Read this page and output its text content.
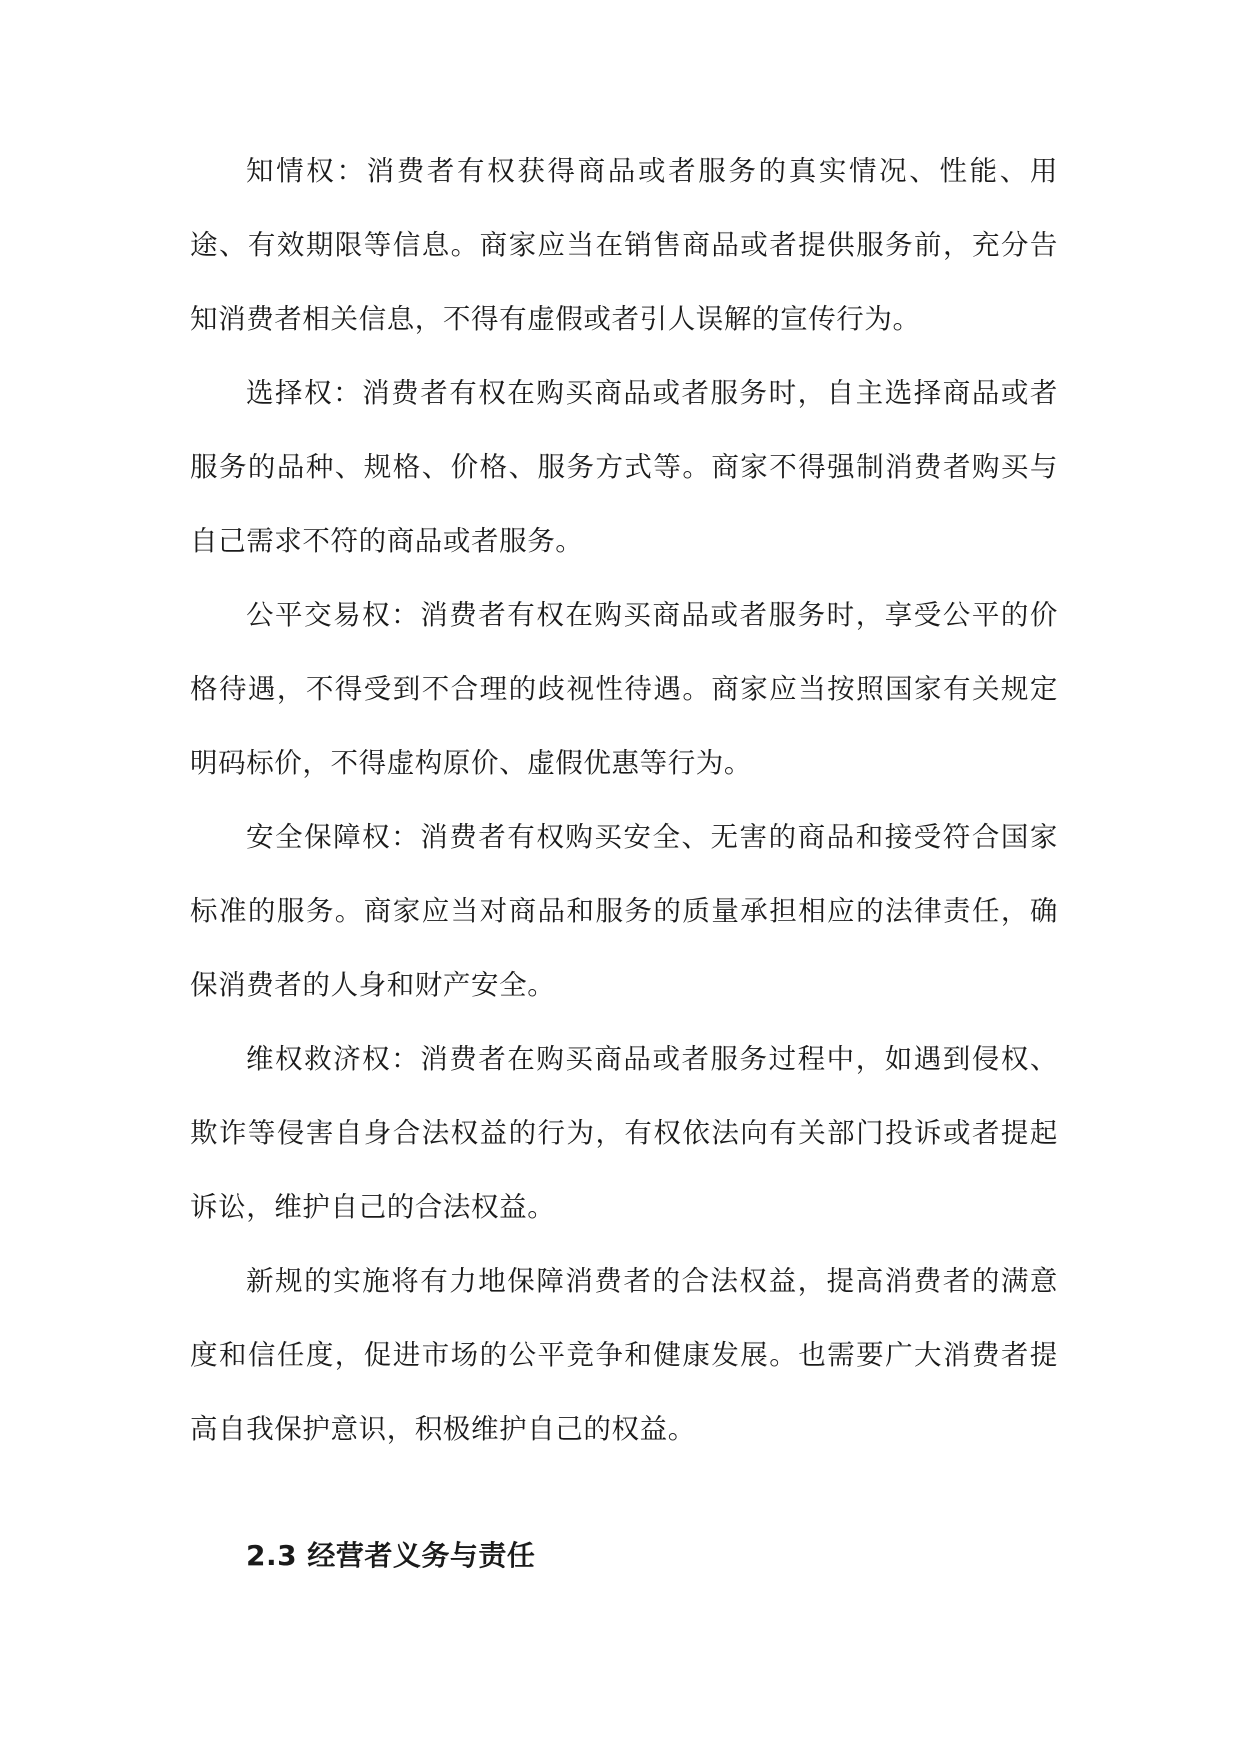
知情权：消费者有权获得商品或者服务的真实情况、性能、用途、有效期限等信息。商家应当在销售商品或者提供服务前，充分告知消费者相关信息，不得有虚假或者引人误解的宣传行为。

选择权：消费者有权在购买商品或者服务时，自主选择商品或者服务的品种、规格、价格、服务方式等。商家不得强制消费者购买与自己需求不符的商品或者服务。

公平交易权：消费者有权在购买商品或者服务时，享受公平的价格待遇，不得受到不合理的歧视性待遇。商家应当按照国家有关规定明码标价，不得虚构原价、虚假优惠等行为。

安全保障权：消费者有权购买安全、无害的商品和接受符合国家标准的服务。商家应当对商品和服务的质量承担相应的法律责任，确保消费者的人身和财产安全。

维权救济权：消费者在购买商品或者服务过程中，如遇到侵权、欺诈等侵害自身合法权益的行为，有权依法向有关部门投诉或者提起诉讼，维护自己的合法权益。

新规的实施将有力地保障消费者的合法权益，提高消费者的满意度和信任度，促进市场的公平竞争和健康发展。也需要广大消费者提高自我保护意识，积极维护自己的权益。

2.3 经营者义务与责任
